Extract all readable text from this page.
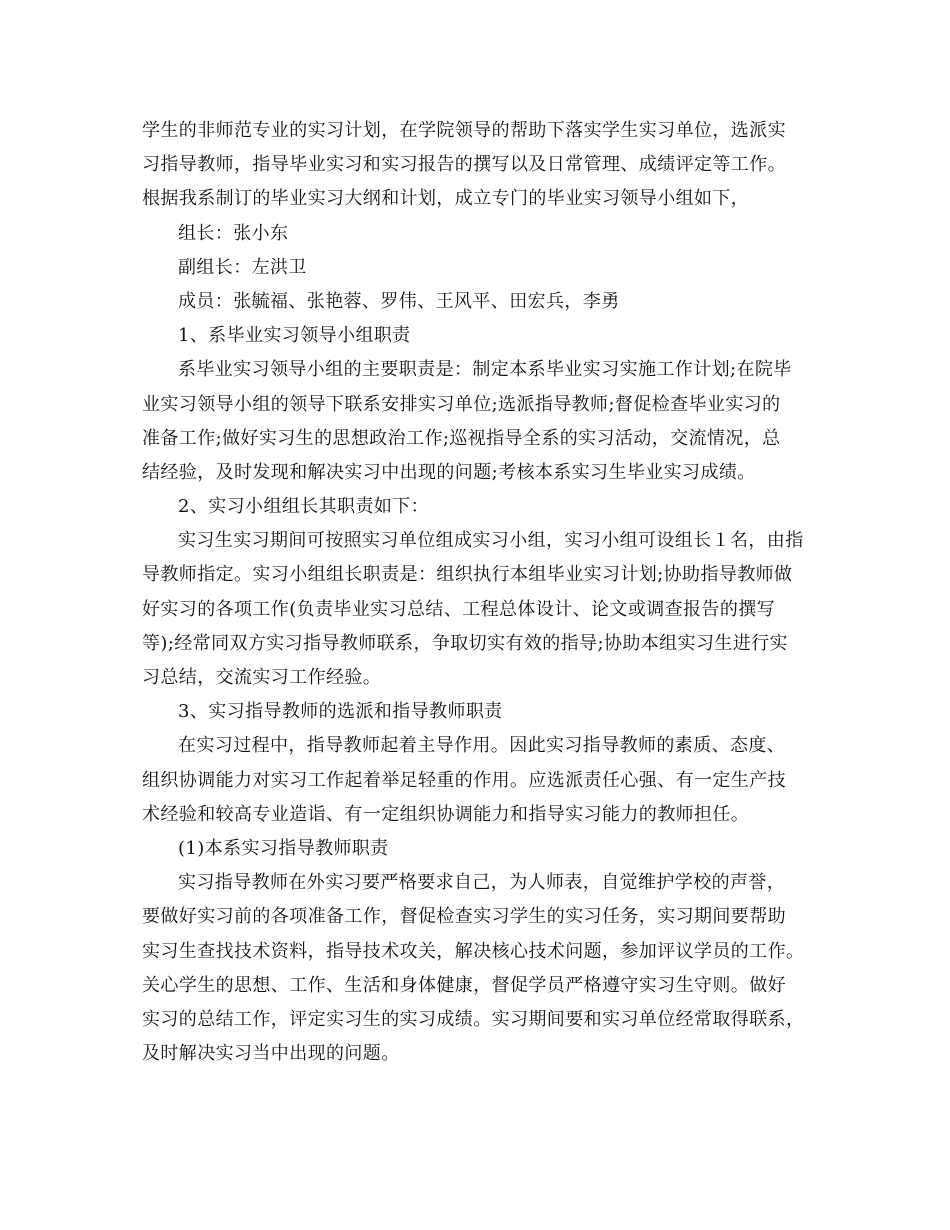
学生的非师范专业的实习计划，在学院领导的帮助下落实学生实习单位，选派实
习指导教师，指导毕业实习和实习报告的撰写以及日常管理、成绩评定等工作。
根据我系制订的毕业实习大纲和计划，成立专门的毕业实习领导小组如下，
组长：张小东
副组长：左洪卫
成员：张毓福、张艳蓉、罗伟、王风平、田宏兵，李勇
1、系毕业实习领导小组职责
系毕业实习领导小组的主要职责是：制定本系毕业实习实施工作计划;在院毕
业实习领导小组的领导下联系安排实习单位;选派指导教师;督促检查毕业实习的
准备工作;做好实习生的思想政治工作;巡视指导全系的实习活动，交流情况，总
结经验，及时发现和解决实习中出现的问题;考核本系实习生毕业实习成绩。
2、实习小组组长其职责如下：
实习生实习期间可按照实习单位组成实习小组，实习小组可设组长１名，由指
导教师指定。实习小组组长职责是：组织执行本组毕业实习计划;协助指导教师做
好实习的各项工作(负责毕业实习总结、工程总体设计、论文或调查报告的撰写
等);经常同双方实习指导教师联系，争取切实有效的指导;协助本组实习生进行实
习总结，交流实习工作经验。
3、实习指导教师的选派和指导教师职责
在实习过程中，指导教师起着主导作用。因此实习指导教师的素质、态度、
组织协调能力对实习工作起着举足轻重的作用。应选派责任心强、有一定生产技
术经验和较高专业造诣、有一定组织协调能力和指导实习能力的教师担任。
(1)本系实习指导教师职责
实习指导教师在外实习要严格要求自己，为人师表，自觉维护学校的声誉，
要做好实习前的各项准备工作，督促检查实习学生的实习任务，实习期间要帮助
实习生查找技术资料，指导技术攻关，解决核心技术问题，参加评议学员的工作。
关心学生的思想、工作、生活和身体健康，督促学员严格遵守实习生守则。做好
实习的总结工作，评定实习生的实习成绩。实习期间要和实习单位经常取得联系，
及时解决实习当中出现的问题。
